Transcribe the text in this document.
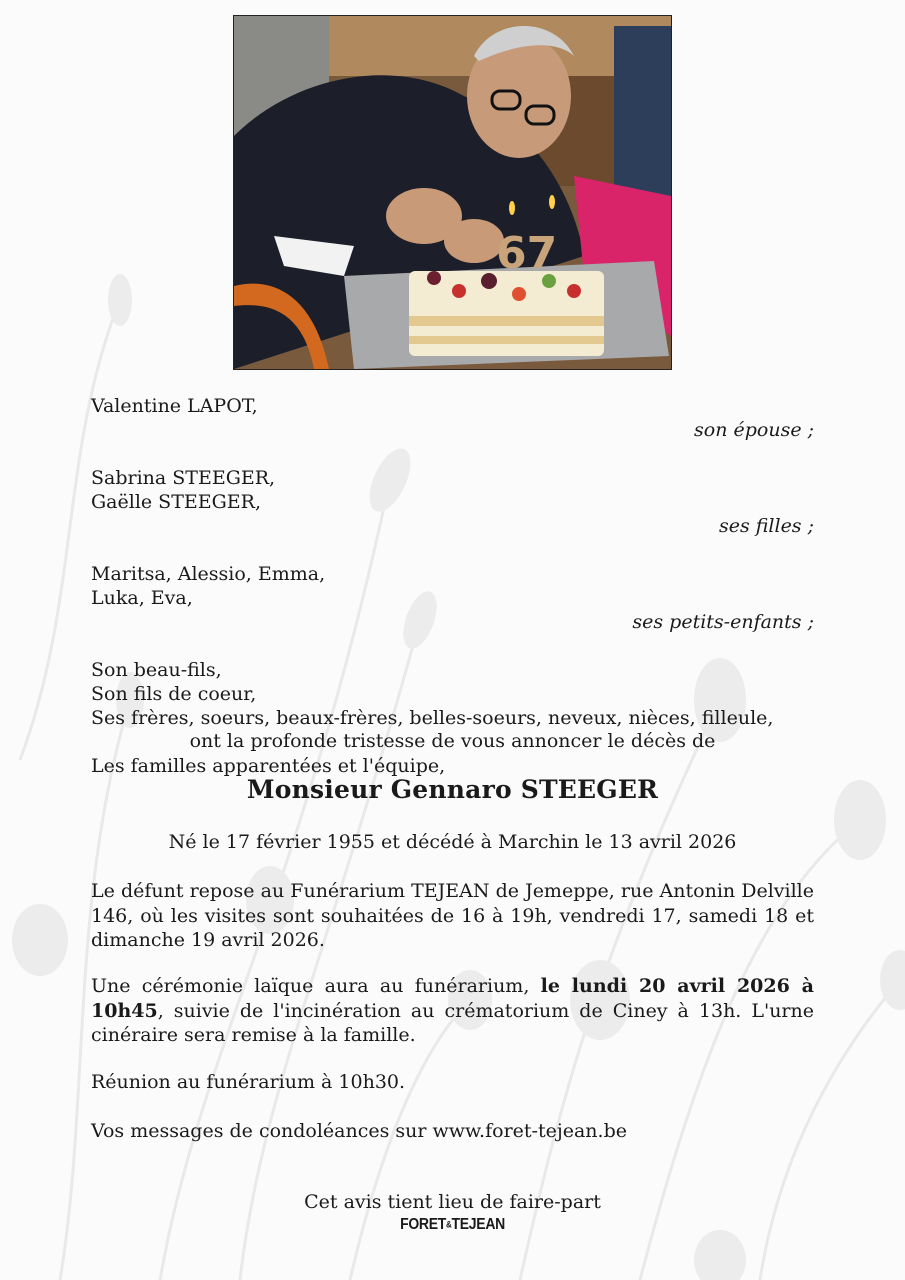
67
Valentine LAPOT,
son épouse ;
Sabrina STEEGER,
Gaëlle STEEGER,
ses filles ;
Maritsa, Alessio, Emma,
Luka, Eva,
ses petits-enfants ;
Son beau-fils,
Son fils de coeur,
Ses frères, soeurs, beaux-frères, belles-soeurs, neveux, nièces, filleule,
Les familles apparentées et l'équipe,
ont la profonde tristesse de vous annoncer le décès de
Monsieur Gennaro STEEGER
Né le 17 février 1955 et décédé à Marchin le 13 avril 2026
Le défunt repose au Funérarium TEJEAN de Jemeppe, rue Antonin Delville 146, où les visites sont souhaitées de 16 à 19h, vendredi 17, samedi 18 et dimanche 19 avril 2026.
Une cérémonie laïque aura au funérarium, le lundi 20 avril 2026 à 10h45, suivie de l'incinération au crématorium de Ciney à 13h. L'urne cinéraire sera remise à la famille.
Réunion au funérarium à 10h30.
Vos messages de condoléances sur www.foret-tejean.be
Cet avis tient lieu de faire-part
FORET&TEJEAN
